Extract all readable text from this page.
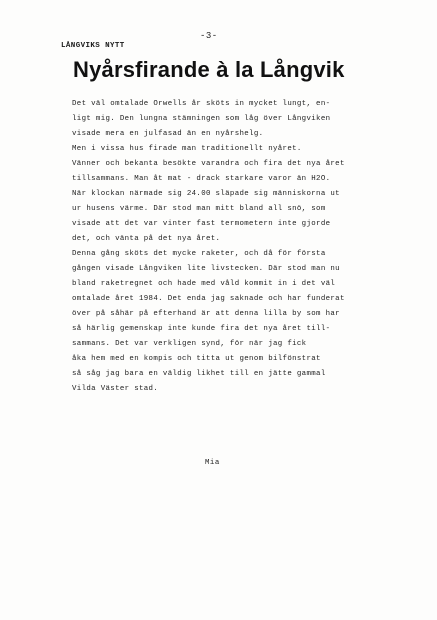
-3-
LÅNGVIKS NYTT
Nyårsfirande à la Långvik
Det väl omtalade Orwells år sköts in mycket lungt, en-
ligt mig. Den lungna stämningen som låg över Långviken
visade mera en julfasad än en nyårshelg.
Men i vissa hus firade man traditionellt nyåret.
Vänner och bekanta besökte varandra och fira det nya året
tillsammans. Man åt mat - drack starkare varor än H2O.
När klockan närmade sig 24.00 släpade sig människorna ut
ur husens värme. Där stod man mitt bland all snö, som
visade att det var vinter fast termometern inte gjorde
det, och vänta på det nya året.
Denna gång sköts det mycke raketer, och då för första
gången visade Långviken lite livstecken. Där stod man nu
bland raketregnet och hade med våld kommit in i det väl
omtalade året 1984. Det enda jag saknade och har funderat
över på såhär på efterhand är att denna lilla by som har
så härlig gemenskap inte kunde fira det nya året till-
sammans. Det var verkligen synd, för när jag fick
åka hem med en kompis och titta ut genom bilfönstrat
så såg jag bara en väldig likhet till en jätte gammal
Vilda Väster stad.
Mia
